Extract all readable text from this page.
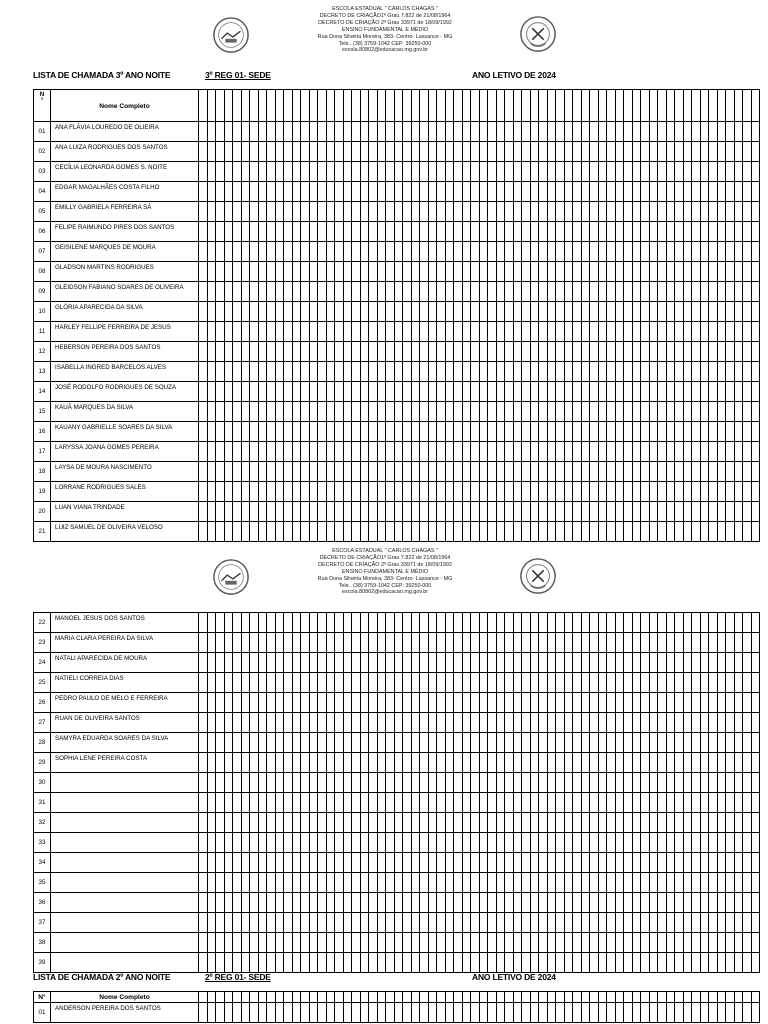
ESCOLA ESTADUAL " CARLOS CHAGAS "
DECRETO DE CRIAÇÃO1º Grau 7.822 de 21/08/1964
DECRETO DE CRIAÇÃO 2º Grau 33971 de 18/09/1992
ENSINO FUNDAMENTAL E MÉDIO
Rua Dona Silvéria Moreira, 383- Centro- Lassance - MG
Tele.. (38) 3759-1042 CEP: 39250-000
escola.80802@educacao.mg.gov.br
LISTA DE CHAMADA 3º ANO NOITE	3º REG 01- SEDE	ANO LETIVO DE 2024
N
°	Nome Completo																																																																		
01	ANA FLÁVIA LOUREDO DE OLIEIRA																																																																		
02	ANA LUIZA RODRIGUES DOS SANTOS																																																																		
03	CECÍLIA LEONARDA GOMES S. NOITE																																																																		
04	EDGAR MAGALHÃES COSTA FILHO																																																																		
05	EMILLY GABRIELA FERREIRA SÁ																																																																		
06	FELIPE RAIMUNDO PIRES DOS SANTOS																																																																		
07	GEISILENE MARQUES DE MOURA																																																																		
08	GLADSON MARTINS RODRIGUES																																																																		
09	GLEIDSON FABIANO SOARES DE OLIVEIRA																																																																		
10	GLÓRIA APARECIDA DA SILVA																																																																		
11	HARLEY FELLIPE FERREIRA DE JESUS																																																																		
12	HEBERSON PEREIRA DOS SANTOS																																																																		
13	ISABELLA INGRED BARCELOS ALVES																																																																		
14	JOSÉ RODOLFO RODRIGUES DE SOUZA																																																																		
15	KAUÃ MARQUES DA SILVA																																																																		
16	KAUANY GABRIELLE SOARES DA SILVA																																																																		
17	LARYSSA JOANA GOMES PEREIRA																																																																		
18	LAYSA DE MOURA NASCIMENTO																																																																		
19	LORRANE RODRIGUES SALES																																																																		
20	LUAN VIANA TRINDADE																																																																		
21	LUIZ SAMUEL DE OLIVEIRA VELOSO																																																																		
ESCOLA ESTADUAL " CARLOS CHAGAS "
DECRETO DE CRIAÇÃO1º Grau 7.822 de 21/08/1964
DECRETO DE CRIAÇÃO 2º Grau 33971 de 18/09/1992
ENSINO FUNDAMENTAL E MÉDIO
Rua Dona Silvéria Moreira, 383- Centro- Lassance - MG
Tele.. (38) 3759-1042 CEP: 39250-000
escola.80802@educacao.mg.gov.br
22	MANOEL JESUS DOS SANTOS																																																																		
23	MARIA CLARA PEREIRA DA SILVA																																																																		
24	NATALI APARECIDA DE MOURA																																																																		
25	NATIELI CORREIA DIAS																																																																		
26	PEDRO PAULO DE MELO E FERREIRA																																																																		
27	RUAN DE OLIVEIRA SANTOS																																																																		
28	SAMYRA EDUARDA SOARES DA SILVA																																																																		
29	SOPHIA LENE PEREIRA COSTA																																																																		
30																																																																			
31																																																																			
32																																																																			
33																																																																			
34																																																																			
35																																																																			
36																																																																			
37																																																																			
38																																																																			
39																																																																			
LISTA DE CHAMADA 2º ANO NOITE	2º REG 01- SEDE	ANO LETIVO DE 2024
N°	Nome Completo																																																																		
01	ANDERSON PEREIRA DOS SANTOS																																																																		
